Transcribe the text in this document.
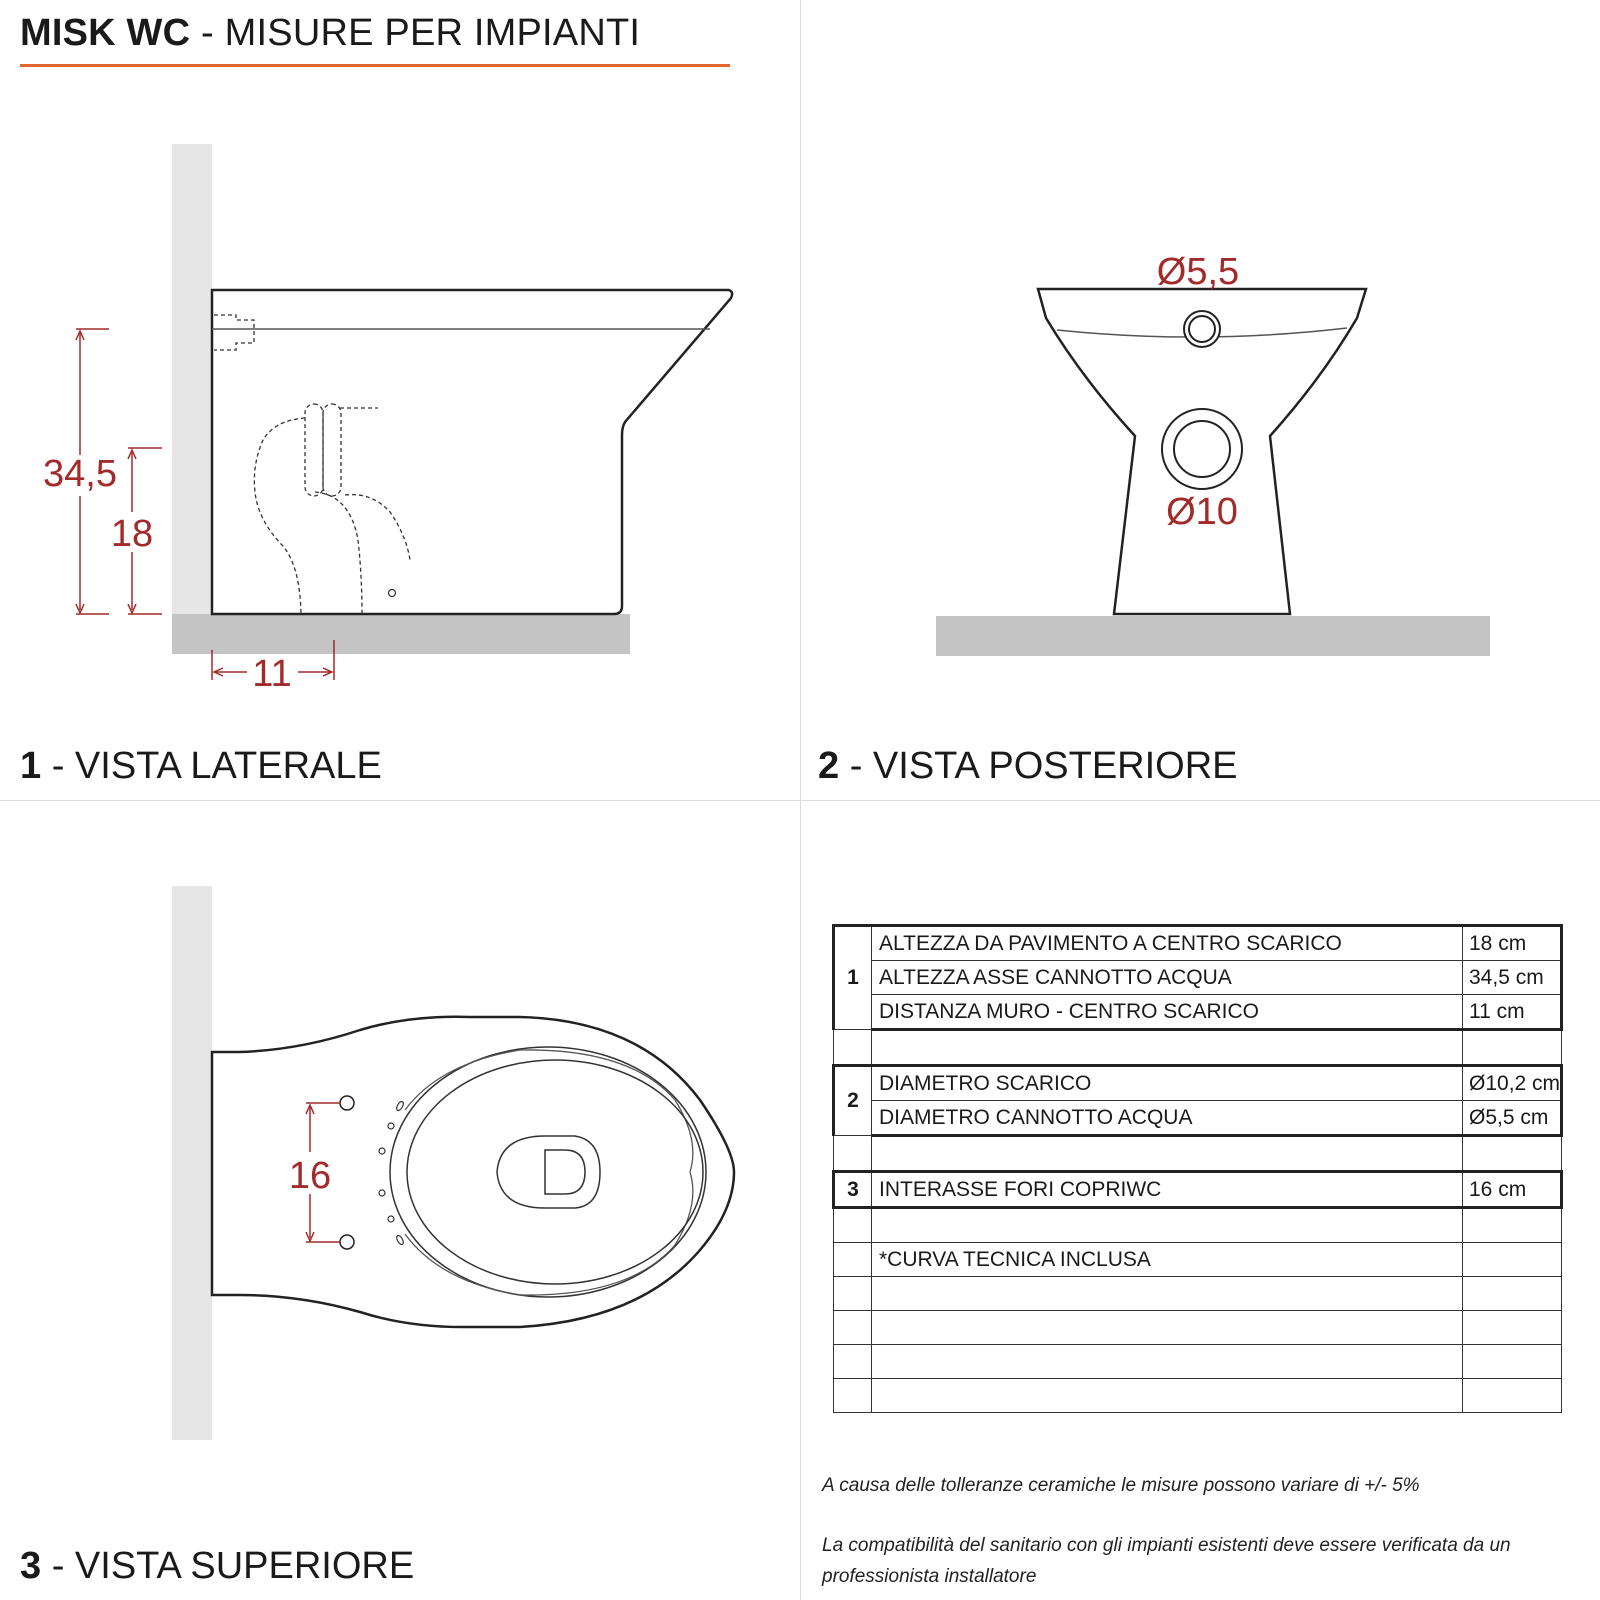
MISK WC - MISURE PER IMPIANTI
34,5
18
11
Ø5,5
Ø10
16
1 - VISTA LATERALE	2 - VISTA POSTERIORE
3 - VISTA SUPERIORE
1	ALTEZZA DA PAVIMENTO A CENTRO SCARICO	18 cm
	ALTEZZA ASSE CANNOTTO ACQUA	34,5 cm
	DISTANZA MURO - CENTRO SCARICO	11 cm

2	DIAMETRO SCARICO	Ø10,2 cm
	DIAMETRO CANNOTTO ACQUA	Ø5,5 cm

3	INTERASSE FORI COPRIWC	16 cm

	*CURVA TECNICA INCLUSA	

A causa delle tolleranze ceramiche le misure possono variare di +/- 5%
La compatibilità del sanitario con gli impianti esistenti deve essere verificata da un professionista installatore
